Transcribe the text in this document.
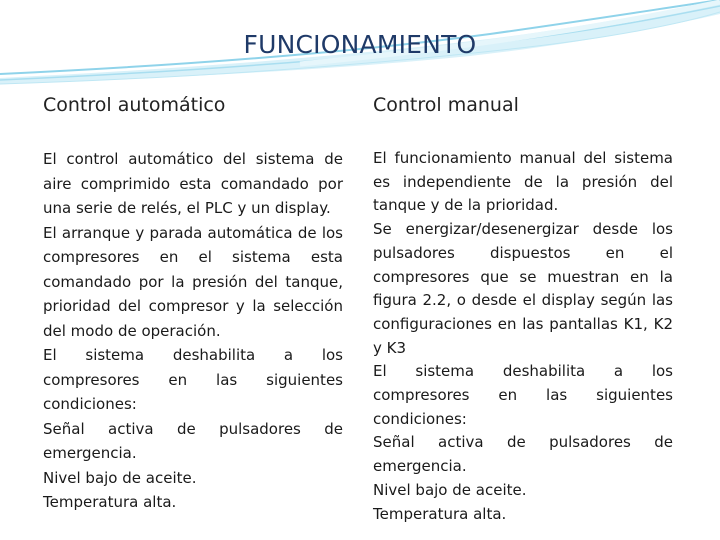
FUNCIONAMIENTO
Control automático

El control automático del sistema de aire comprimido esta comandado por una serie de relés, el PLC y un display.

El arranque y parada automática de los compresores en el sistema esta comandado por la presión del tanque, prioridad del compresor y la selección del modo de operación.

El sistema deshabilita a los compresores en las siguientes condiciones:

Señal activa de pulsadores de emergencia.

Nivel bajo de aceite.

Temperatura alta.

Control manual

El funcionamiento manual del sistema es independiente de la presión del tanque y de la prioridad.

Se energizar/desenergizar desde los pulsadores dispuestos en el compresores que se muestran en la figura 2.2, o desde el display según las configuraciones en las pantallas K1, K2 y K3

El sistema deshabilita a los compresores en las siguientes condiciones:

Señal activa de pulsadores de emergencia.

Nivel bajo de aceite.

Temperatura alta.
